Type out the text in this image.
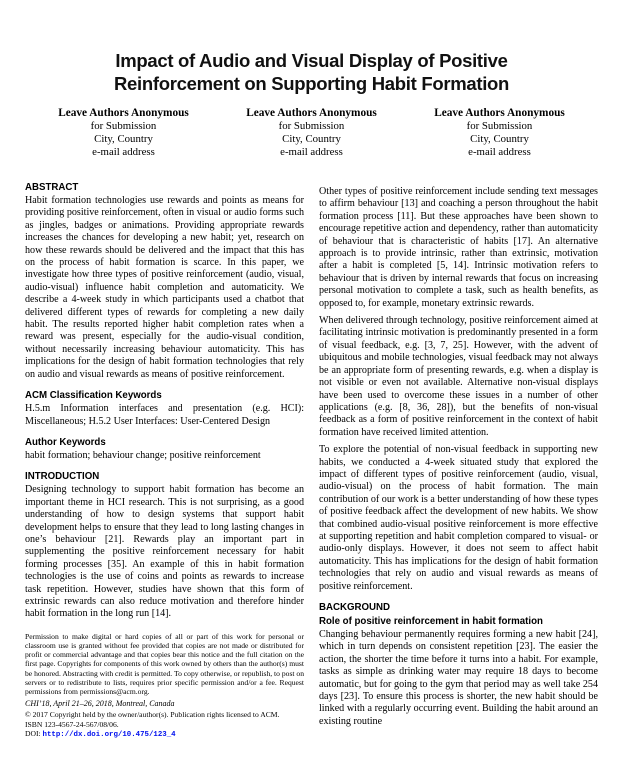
Impact of Audio and Visual Display of Positive Reinforcement on Supporting Habit Formation
Leave Authors Anonymous
for Submission
City, Country
e-mail address
Leave Authors Anonymous
for Submission
City, Country
e-mail address
Leave Authors Anonymous
for Submission
City, Country
e-mail address
ABSTRACT

Habit formation technologies use rewards and points as means for providing positive reinforcement, often in visual or audio forms such as jingles, badges or animations. Providing appropriate rewards increases the chances for developing a new habit; yet, research on how these rewards should be delivered and the impact that this has on the process of habit formation is scarce. In this paper, we investigate how three types of positive reinforcement (audio, visual, audio-visual) influence habit completion and automaticity. We describe a 4-week study in which participants used a chatbot that delivered different types of rewards for completing a new daily habit. The results reported higher habit completion rates when a reward was present, especially for the audio-visual condition, without necessarily increasing behaviour automaticity. This has implications for the design of habit formation technologies that rely on audio and visual rewards as means of positive reinforcement.

ACM Classification Keywords

H.5.m Information interfaces and presentation (e.g. HCI): Miscellaneous; H.5.2 User Interfaces: User-Centered Design

Author Keywords

habit formation; behaviour change; positive reinforcement

INTRODUCTION

Designing technology to support habit formation has become an important theme in HCI research. This is not surprising, as a good understanding of how to design systems that support habit development helps to ensure that they lead to long lasting changes in one’s behaviour [21]. Rewards play an important part in supplementing the positive reinforcement necessary for habit forming processes [35]. An example of this in habit formation technologies is the use of coins and points as rewards to increase task repetition. However, studies have shown that this form of extrinsic rewards can also reduce motivation and therefore hinder habit formation in the long run [14].

Permission to make digital or hard copies of all or part of this work for personal or classroom use is granted without fee provided that copies are not made or distributed for profit or commercial advantage and that copies bear this notice and the full citation on the first page. Copyrights for components of this work owned by others than the author(s) must be honored. Abstracting with credit is permitted. To copy otherwise, or republish, to post on servers or to redistribute to lists, requires prior specific permission and/or a fee. Request permissions from permissions@acm.org.
CHI’18, April 21–26, 2018, Montreal, Canada
© 2017 Copyright held by the owner/author(s). Publication rights licensed to ACM.
ISBN 123-4567-24-567/08/06.
DOI: http://dx.doi.org/10.475/123_4

Other types of positive reinforcement include sending text messages to affirm behaviour [13] and coaching a person throughout the habit formation process [11]. But these approaches have been shown to encourage repetitive action and dependency, rather than automaticity of behaviour that is characteristic of habits [17]. An alternative approach is to provide intrinsic, rather than extrinsic, motivation after a habit is completed [5, 14]. Intrinsic motivation refers to behaviour that is driven by internal rewards that focus on increasing personal motivation to complete a task, such as health benefits, as opposed to, for example, monetary extrinsic rewards.

When delivered through technology, positive reinforcement aimed at facilitating intrinsic motivation is predominantly presented in a form of visual feedback, e.g. [3, 7, 25]. However, with the advent of ubiquitous and mobile technologies, visual feedback may not always be an appropriate form of presenting rewards, e.g. when a display is not visible or even not available. Alternative non-visual displays have been used to overcome these issues in a number of other applications (e.g. [8, 36, 28]), but the benefits of non-visual feedback as a form of positive reinforcement in the context of habit formation have received limited attention.

To explore the potential of non-visual feedback in supporting new habits, we conducted a 4-week situated study that explored the impact of different types of positive reinforcement (audio, visual, audio-visual) on the process of habit formation. The main contribution of our work is a better understanding of how these types of positive feedback affect the development of new habits. We show that combined audio-visual positive reinforcement is more effective at supporting repetition and habit completion compared to visual- or audio-only displays. However, it does not seem to affect habit automaticity. This has implications for the design of habit formation technologies that rely on audio and visual rewards as means of positive reinforcement.

BACKGROUND
Role of positive reinforcement in habit formation

Changing behaviour permanently requires forming a new habit [24], which in turn depends on consistent repetition [23]. The easier the action, the shorter the time before it turns into a habit. For example, tasks as simple as drinking water may require 18 days to become automatic, but for going to the gym that period may as well take 254 days [23]. To ensure this process is shorter, the new habit should be linked with a regularly occurring event. Building the habit around an existing routine
